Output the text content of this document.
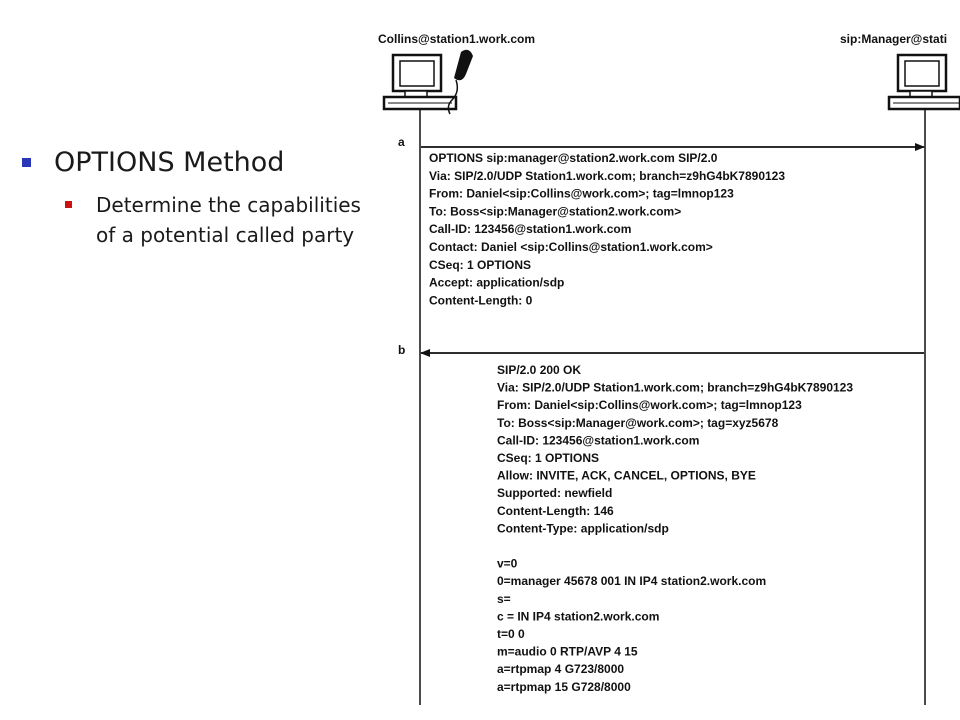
OPTIONS Method
Determine the capabilities
of a potential called party
Collins@station1.work.com	sip:Manager@stati
a
OPTIONS sip:manager@station2.work.com SIP/2.0
Via: SIP/2.0/UDP Station1.work.com; branch=z9hG4bK7890123
From: Daniel<sip:Collins@work.com>; tag=lmnop123
To: Boss<sip:Manager@station2.work.com>
Call-ID: 123456@station1.work.com
Contact: Daniel <sip:Collins@station1.work.com>
CSeq: 1 OPTIONS
Accept: application/sdp
Content-Length: 0
b
SIP/2.0 200 OK
Via: SIP/2.0/UDP Station1.work.com; branch=z9hG4bK7890123
From: Daniel<sip:Collins@work.com>; tag=lmnop123
To: Boss<sip:Manager@work.com>; tag=xyz5678
Call-ID: 123456@station1.work.com
CSeq: 1 OPTIONS
Allow: INVITE, ACK, CANCEL, OPTIONS, BYE
Supported: newfield
Content-Length: 146
Content-Type: application/sdp
v=0
0=manager 45678 001 IN IP4 station2.work.com
s=
c = IN IP4 station2.work.com
t=0 0
m=audio 0 RTP/AVP 4 15
a=rtpmap 4 G723/8000
a=rtpmap 15 G728/8000
